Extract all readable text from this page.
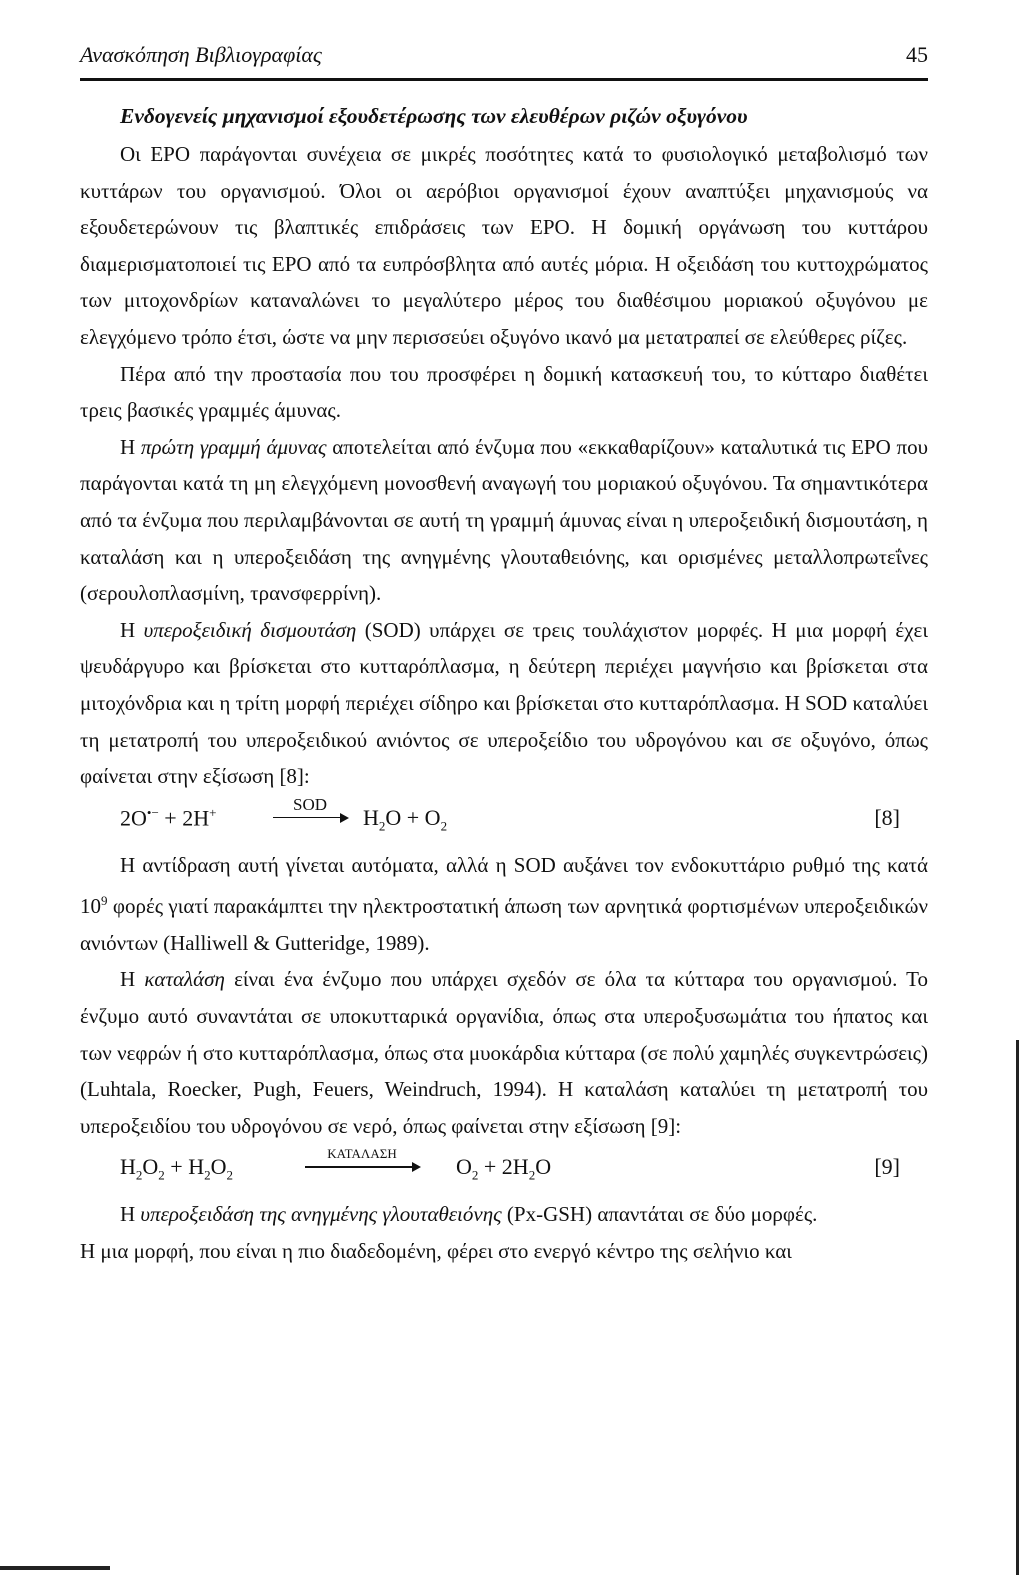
Ανασκόπηση Βιβλιογραφίας	45
Ενδογενείς μηχανισμοί εξουδετέρωσης των ελευθέρων ριζών οξυγόνου

Οι ΕΡΟ παράγονται συνέχεια σε μικρές ποσότητες κατά το φυσιολογικό μεταβολισμό των κυττάρων του οργανισμού. Όλοι οι αερόβιοι οργανισμοί έχουν αναπτύξει μηχανισμούς να εξουδετερώνουν τις βλαπτικές επιδράσεις των ΕΡΟ. Η δομική οργάνωση του κυττάρου διαμερισματοποιεί τις ΕΡΟ από τα ευπρόσβλητα από αυτές μόρια. Η οξειδάση του κυττοχρώματος των μιτοχονδρίων καταναλώνει το μεγαλύτερο μέρος του διαθέσιμου μοριακού οξυγόνου με ελεγχόμενο τρόπο έτσι, ώστε να μην περισσεύει οξυγόνο ικανό μα μετατραπεί σε ελεύθερες ρίζες.

Πέρα από την προστασία που του προσφέρει η δομική κατασκευή του, το κύτταρο διαθέτει τρεις βασικές γραμμές άμυνας.

Η πρώτη γραμμή άμυνας αποτελείται από ένζυμα που «εκκαθαρίζουν» καταλυτικά τις ΕΡΟ που παράγονται κατά τη μη ελεγχόμενη μονοσθενή αναγωγή του μοριακού οξυγόνου. Τα σημαντικότερα από τα ένζυμα που περιλαμβάνονται σε αυτή τη γραμμή άμυνας είναι η υπεροξειδική δισμουτάση, η καταλάση και η υπεροξειδάση της ανηγμένης γλουταθειόνης, και ορισμένες μεταλλοπρωτεΐνες (σερουλοπλασμίνη, τρανσφερρίνη).

Η υπεροξειδική δισμουτάση (SOD) υπάρχει σε τρεις τουλάχιστον μορφές. Η μια μορφή έχει ψευδάργυρο και βρίσκεται στο κυτταρόπλασμα, η δεύτερη περιέχει μαγνήσιο και βρίσκεται στα μιτοχόνδρια και η τρίτη μορφή περιέχει σίδηρο και βρίσκεται στο κυτταρόπλασμα. Η SOD καταλύει τη μετατροπή του υπεροξειδικού ανιόντος σε υπεροξείδιο του υδρογόνου και σε οξυγόνο, όπως φαίνεται στην εξίσωση [8]:

2O•− + 2H+	SOD
$H_2O + O_2$	[8]

Η αντίδραση αυτή γίνεται αυτόματα, αλλά η SOD αυξάνει τον ενδοκυττάριο ρυθμό της κατά $10^9$ φορές γιατί παρακάμπτει την ηλεκτροστατική άπωση των αρνητικά φορτισμένων υπεροξειδικών ανιόντων (Halliwell & Gutteridge, 1989).

Η καταλάση είναι ένα ένζυμο που υπάρχει σχεδόν σε όλα τα κύτταρα του οργανισμού. Το ένζυμο αυτό συναντάται σε υποκυτταρικά οργανίδια, όπως στα υπεροξυσωμάτια του ήπατος και των νεφρών ή στο κυτταρόπλασμα, όπως στα μυοκάρδια κύτταρα (σε πολύ χαμηλές συγκεντρώσεις) (Luhtala, Roecker, Pugh, Feuers, Weindruch, 1994). Η καταλάση καταλύει τη μετατροπή του υπεροξειδίου του υδρογόνου σε νερό, όπως φαίνεται στην εξίσωση [9]:

$H_2O_2 + H_2O_2$
ΚΑΤΑΛΑΣΗ
$O_2 + 2H_2O$	[9]

Η υπεροξειδάση της ανηγμένης γλουταθειόνης (Px-GSH) απαντάται σε δύο μορφές.

Η μια μορφή, που είναι η πιο διαδεδομένη, φέρει στο ενεργό κέντρο της σελήνιο και
